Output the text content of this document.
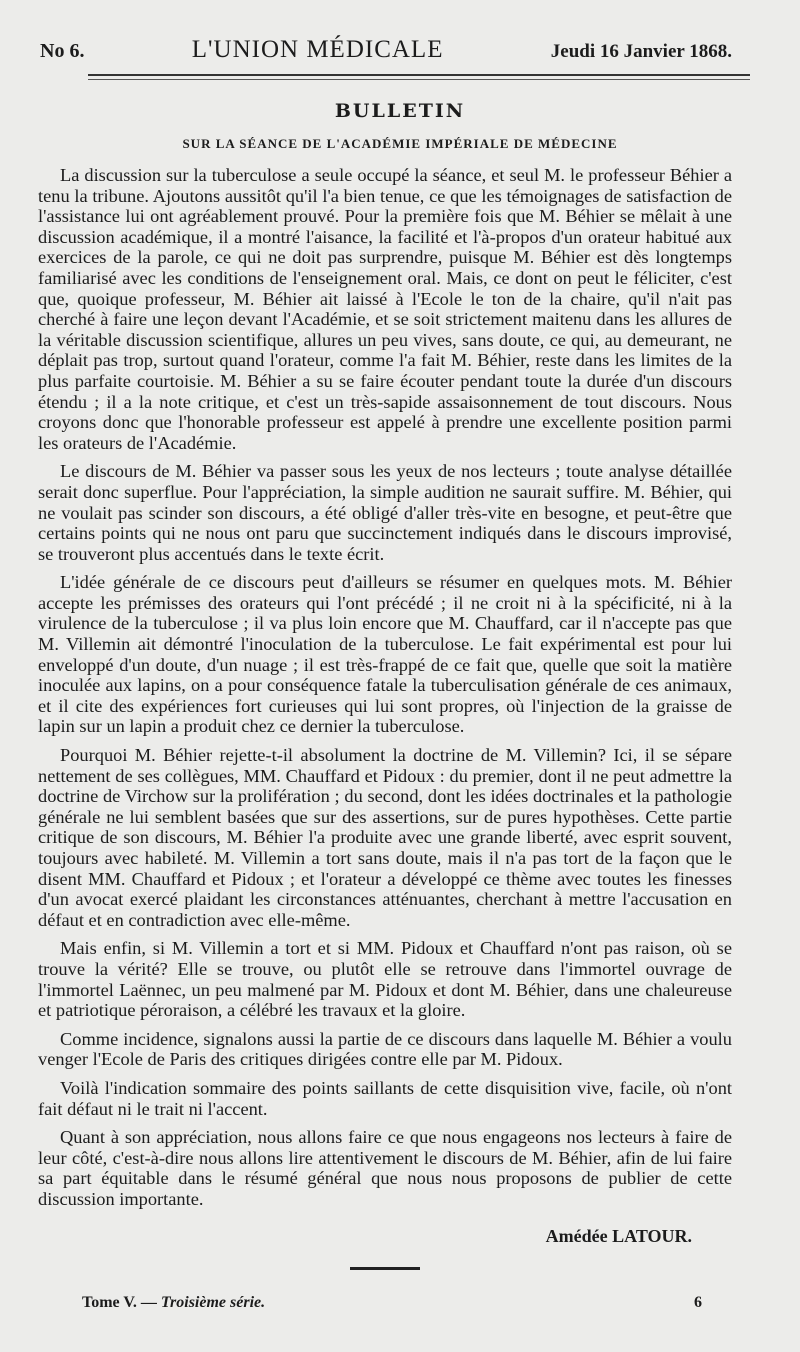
No 6.	L'UNION MÉDICALE	Jeudi 16 Janvier 1868.
BULLETIN
SUR LA SÉANCE DE L'ACADÉMIE IMPÉRIALE DE MÉDECINE

La discussion sur la tuberculose a seule occupé la séance, et seul M. le professeur Béhier a tenu la tribune. Ajoutons aussitôt qu'il l'a bien tenue, ce que les témoignages de satisfaction de l'assistance lui ont agréablement prouvé. Pour la première fois que M. Béhier se mêlait à une discussion académique, il a montré l'aisance, la facilité et l'à-propos d'un orateur habitué aux exercices de la parole, ce qui ne doit pas surprendre, puisque M. Béhier est dès longtemps familiarisé avec les conditions de l'enseignement oral. Mais, ce dont on peut le féliciter, c'est que, quoique professeur, M. Béhier ait laissé à l'Ecole le ton de la chaire, qu'il n'ait pas cherché à faire une leçon devant l'Académie, et se soit strictement maitenu dans les allures de la véritable discussion scientifique, allures un peu vives, sans doute, ce qui, au demeurant, ne déplait pas trop, surtout quand l'orateur, comme l'a fait M. Béhier, reste dans les limites de la plus parfaite courtoisie. M. Béhier a su se faire écouter pendant toute la durée d'un discours étendu ; il a la note critique, et c'est un très-sapide assaisonnement de tout discours. Nous croyons donc que l'honorable professeur est appelé à prendre une excellente position parmi les orateurs de l'Académie.

Le discours de M. Béhier va passer sous les yeux de nos lecteurs ; toute analyse détaillée serait donc superflue. Pour l'appréciation, la simple audition ne saurait suffire. M. Béhier, qui ne voulait pas scinder son discours, a été obligé d'aller très-vite en besogne, et peut-être que certains points qui ne nous ont paru que succinctement indiqués dans le discours improvisé, se trouveront plus accentués dans le texte écrit.

L'idée générale de ce discours peut d'ailleurs se résumer en quelques mots. M. Béhier accepte les prémisses des orateurs qui l'ont précédé ; il ne croit ni à la spécificité, ni à la virulence de la tuberculose ; il va plus loin encore que M. Chauffard, car il n'accepte pas que M. Villemin ait démontré l'inoculation de la tuberculose. Le fait expérimental est pour lui enveloppé d'un doute, d'un nuage ; il est très-frappé de ce fait que, quelle que soit la matière inoculée aux lapins, on a pour conséquence fatale la tuberculisation générale de ces animaux, et il cite des expériences fort curieuses qui lui sont propres, où l'injection de la graisse de lapin sur un lapin a produit chez ce dernier la tuberculose.

Pourquoi M. Béhier rejette-t-il absolument la doctrine de M. Villemin? Ici, il se sépare nettement de ses collègues, MM. Chauffard et Pidoux : du premier, dont il ne peut admettre la doctrine de Virchow sur la prolifération ; du second, dont les idées doctrinales et la pathologie générale ne lui semblent basées que sur des assertions, sur de pures hypothèses. Cette partie critique de son discours, M. Béhier l'a produite avec une grande liberté, avec esprit souvent, toujours avec habileté. M. Villemin a tort sans doute, mais il n'a pas tort de la façon que le disent MM. Chauffard et Pidoux ; et l'orateur a développé ce thème avec toutes les finesses d'un avocat exercé plaidant les circonstances atténuantes, cherchant à mettre l'accusation en défaut et en contradiction avec elle-même.

Mais enfin, si M. Villemin a tort et si MM. Pidoux et Chauffard n'ont pas raison, où se trouve la vérité? Elle se trouve, ou plutôt elle se retrouve dans l'immortel ouvrage de l'immortel Laënnec, un peu malmené par M. Pidoux et dont M. Béhier, dans une chaleureuse et patriotique péroraison, a célébré les travaux et la gloire.

Comme incidence, signalons aussi la partie de ce discours dans laquelle M. Béhier a voulu venger l'Ecole de Paris des critiques dirigées contre elle par M. Pidoux.

Voilà l'indication sommaire des points saillants de cette disquisition vive, facile, où n'ont fait défaut ni le trait ni l'accent.

Quant à son appréciation, nous allons faire ce que nous engageons nos lecteurs à faire de leur côté, c'est-à-dire nous allons lire attentivement le discours de M. Béhier, afin de lui faire sa part équitable dans le résumé général que nous nous proposons de publier de cette discussion importante.

Amédée LATOUR.
Tome V. — Troisième série.	6
